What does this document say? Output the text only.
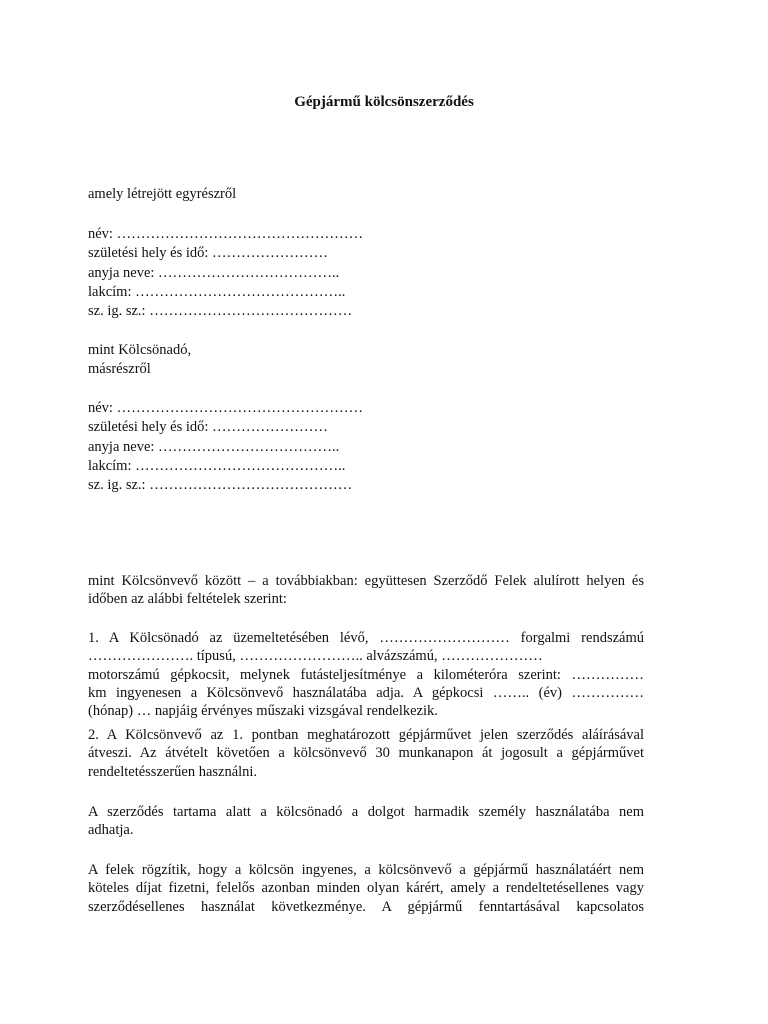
Gépjármű kölcsönszerződés
amely létrejött egyrészről
név: ……………………………………………
születési hely és idő: ……………………
anyja neve: ………………………………..
lakcím: ……………………………………..
sz. ig. sz.: ……………………………………
mint Kölcsönadó,
másrészről
név: ……………………………………………
születési hely és idő: ……………………
anyja neve: ………………………………..
lakcím: ……………………………………..
sz. ig. sz.: ……………………………………
mint Kölcsönvevő között – a továbbiakban: együttesen Szerződő Felek alulírott helyen és
időben az alábbi feltételek szerint:
1. A Kölcsönadó az üzemeltetésében lévő, ……………………… forgalmi rendszámú
…………………. típusú, …………………….. alvázszámú, …………………
motorszámú gépkocsit, melynek futásteljesítménye a kilométeróra szerint: ……………
km ingyenesen a Kölcsönvevő használatába adja. A gépkocsi …….. (év) ……………
(hónap) … napjáig érvényes műszaki vizsgával rendelkezik.
2. A Kölcsönvevő az 1. pontban meghatározott gépjárművet jelen szerződés aláírásával
átveszi. Az átvételt követően a kölcsönvevő 30 munkanapon át jogosult a gépjárművet
rendeltetésszerűen használni.
A szerződés tartama alatt a kölcsönadó a dolgot harmadik személy használatába nem
adhatja.
A felek rögzítik, hogy a kölcsön ingyenes, a kölcsönvevő a gépjármű használatáért nem
köteles díjat fizetni, felelős azonban minden olyan kárért, amely a rendeltetésellenes vagy
szerződésellenes használat következménye. A gépjármű fenntartásával kapcsolatos
